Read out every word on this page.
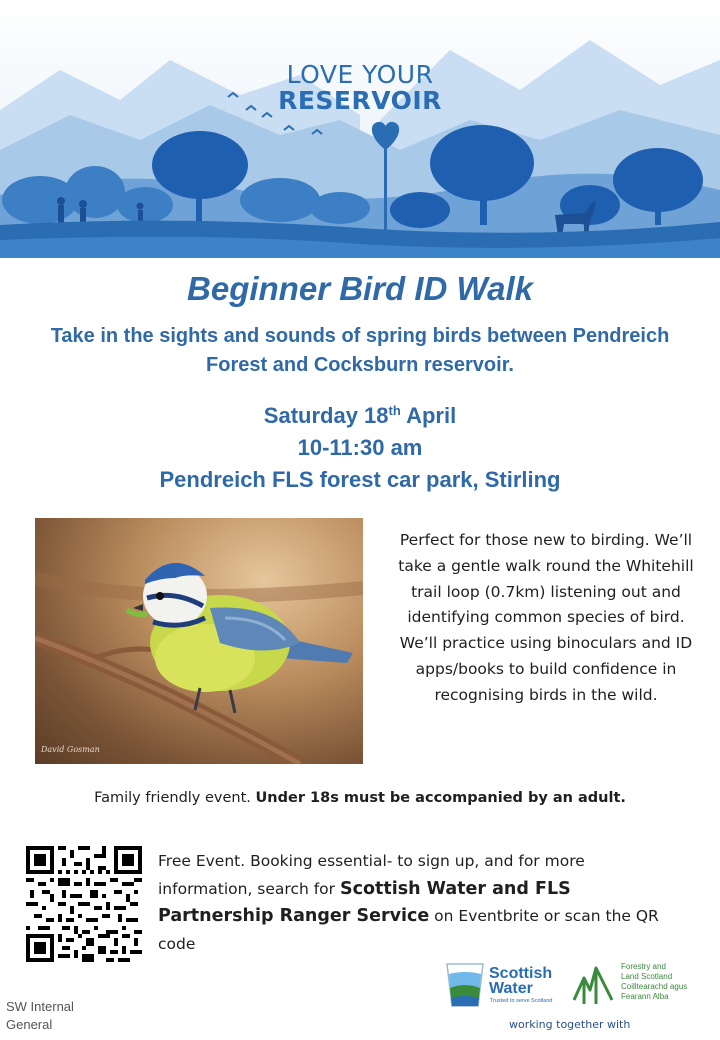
LOVE YOUR
RESERVOIR
Beginner Bird ID Walk
Take in the sights and sounds of spring birds between Pendreich Forest and Cocksburn reservoir.
Saturday 18th April
10-11:30 am
Pendreich FLS forest car park, Stirling
David Gosman
Perfect for those new to birding. We’ll take a gentle walk round the Whitehill trail loop (0.7km) listening out and identifying common species of bird. We’ll practice using binoculars and ID apps/books to build confidence in recognising birds in the wild.
Family friendly event. Under 18s must be accompanied by an adult.
Free Event. Booking essential- to sign up, and for more information, search for Scottish Water and FLS Partnership Ranger Service on Eventbrite or scan the QR code
Scottish
Water
Trusted to serve Scotland
Forestry and
Land Scotland
Coilltearachd agus
Fearann Alba
working together with
SW Internal
General
